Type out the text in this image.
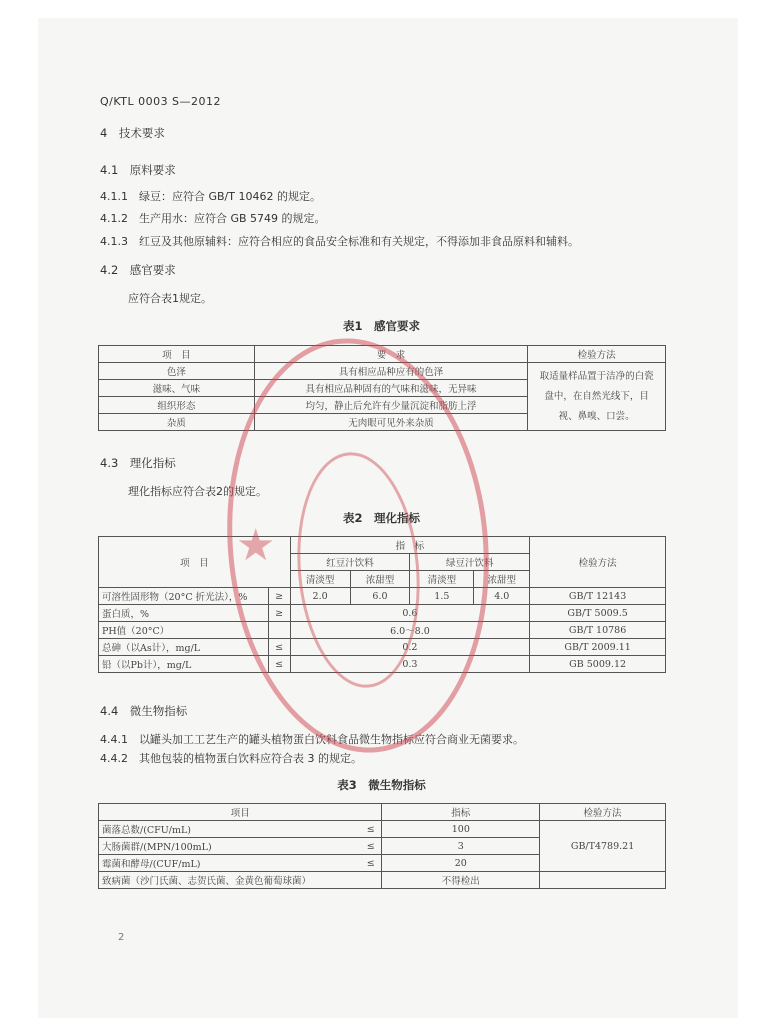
Q/KTL 0003 S—2012
4　技术要求
4.1　原料要求
4.1.1　绿豆：应符合 GB/T 10462 的规定。
4.1.2　生产用水：应符合 GB 5749 的规定。
4.1.3　红豆及其他原辅料：应符合相应的食品安全标准和有关规定，不得添加非食品原料和辅料。
4.2　感官要求
应符合表1规定。
表1　感官要求
项　目	要　求	检验方法
色泽	具有相应品种应有的色泽	取适量样品置于洁净的白瓷盘中，在自然光线下，目视、鼻嗅、口尝。
滋味、气味	具有相应品种固有的气味和滋味，无异味	
组织形态	均匀，静止后允许有少量沉淀和脂肪上浮	
杂质	无肉眼可见外来杂质	
4.3　理化指标
理化指标应符合表2的规定。
表2　理化指标
项　目		指　标				检验方法
		红豆汁饮料		绿豆汁饮料		
		清淡型	浓甜型	清淡型	浓甜型	
可溶性固形物（20°C 折光法），%	≥	2.0	6.0	1.5	4.0	GB/T 12143
蛋白质，%	≥	0.6				GB/T 5009.5
PH值（20°C）		6.0～8.0				GB/T 10786
总砷（以As计），mg/L	≤	0.2				GB/T 2009.11
铅（以Pb计），mg/L	≤	0.3				GB 5009.12
4.4　微生物指标
4.4.1　以罐头加工工艺生产的罐头植物蛋白饮料食品微生物指标应符合商业无菌要求。
4.4.2　其他包装的植物蛋白饮料应符合表 3 的规定。
表3　微生物指标
项目		指标	检验方法
菌落总数/(CFU/mL)	≤	100	GB/T4789.21
大肠菌群/(MPN/100mL)	≤	3	
霉菌和酵母/(CUF/mL)	≤	20	
致病菌（沙门氏菌、志贺氏菌、金黄色葡萄球菌）		不得检出	
2
★
